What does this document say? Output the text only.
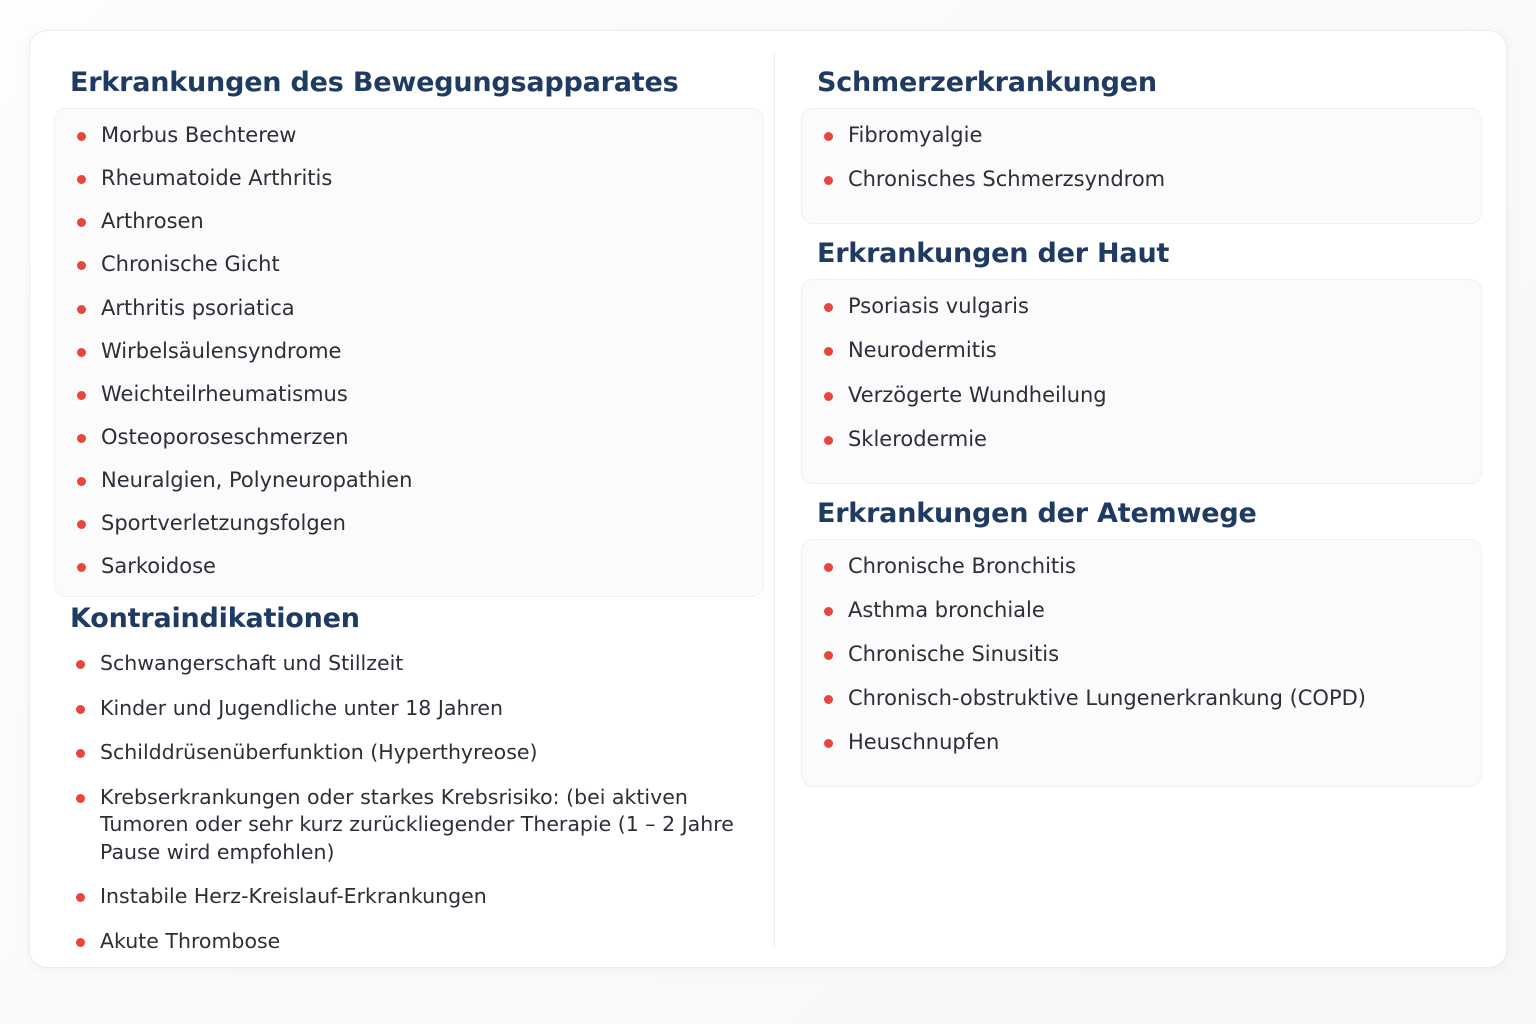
Erkrankungen des Bewegungsapparates
Morbus Bechterew
Rheumatoide Arthritis
Arthrosen
Chronische Gicht
Arthritis psoriatica
Wirbelsäulensyndrome
Weichteilrheumatismus
Osteoporoseschmerzen
Neuralgien, Polyneuropathien
Sportverletzungsfolgen
Sarkoidose
Kontraindikationen
Schwangerschaft und Stillzeit
Kinder und Jugendliche unter 18 Jahren
Schilddrüsenüberfunktion (Hyperthyreose)
Krebserkrankungen oder starkes Krebsrisiko: (bei aktiven Tumoren oder sehr kurz zurückliegender Therapie (1 – 2 Jahre Pause wird empfohlen)
Instabile Herz-Kreislauf-Erkrankungen
Akute Thrombose
Schmerzerkrankungen
Fibromyalgie
Chronisches Schmerzsyndrom
Erkrankungen der Haut
Psoriasis vulgaris
Neurodermitis
Verzögerte Wundheilung
Sklerodermie
Erkrankungen der Atemwege
Chronische Bronchitis
Asthma bronchiale
Chronische Sinusitis
Chronisch-obstruktive Lungenerkrankung (COPD)
Heuschnupfen
